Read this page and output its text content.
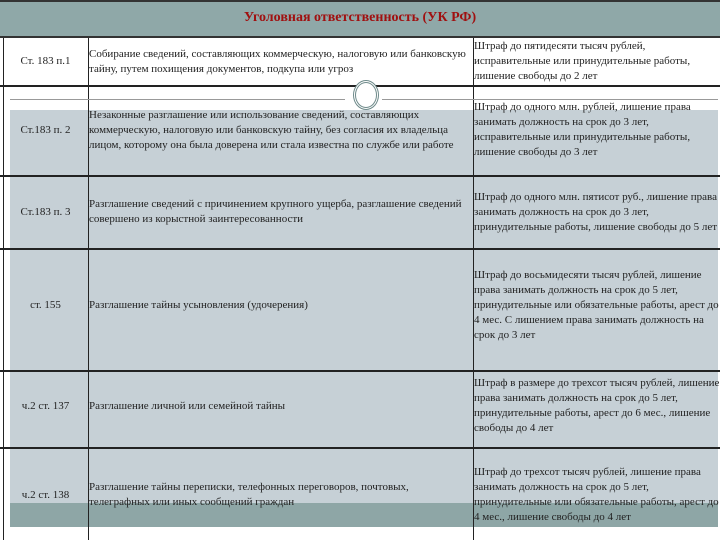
Уголовная ответственность (УК РФ)
Ст. 183 п.1
Собирание сведений, составляющих коммерческую, налоговую или банковскую тайну, путем похищения документов, подкупа или угроз
Штраф до пятидесяти тысяч рублей, исправительные или принудительные работы, лишение свободы до 2 лет
Ст.183 п. 2
Незаконные разглашение или использование сведений, составляющих коммерческую, налоговую или банковскую тайну, без согласия их владельца лицом, которому она была доверена или стала известна по службе или работе
Штраф до одного млн. рублей, лишение права занимать должность на срок до 3 лет, исправительные или принудительные работы, лишение свободы до 3 лет
Ст.183 п. 3
Разглашение сведений с причинением крупного ущерба, разглашение сведений совершено из корыстной заинтересованности
Штраф до одного млн. пятисот руб., лишение права занимать должность на срок до 3 лет, принудительные работы, лишение свободы до 5 лет
ст. 155	Разглашение тайны усыновления (удочерения)
Штраф до восьмидесяти тысяч рублей, лишение права занимать должность на срок до 5 лет, принудительные или обязательные работы, арест до 4 мес. С лишением права занимать должность на срок до 3 лет
ч.2 ст. 137	Разглашение личной или семейной тайны
Штраф в размере до трехсот тысяч рублей, лишение права занимать должность на срок до 5 лет, принудительные работы, арест до 6 мес., лишение свободы до 4 лет
ч.2 ст. 138
Разглашение тайны переписки, телефонных переговоров, почтовых, телеграфных или иных сообщений граждан
Штраф до трехсот тысяч рублей, лишение права занимать должность на срок до 5 лет, принудительные или обязательные работы, арест до 4 мес., лишение свободы до 4 лет
